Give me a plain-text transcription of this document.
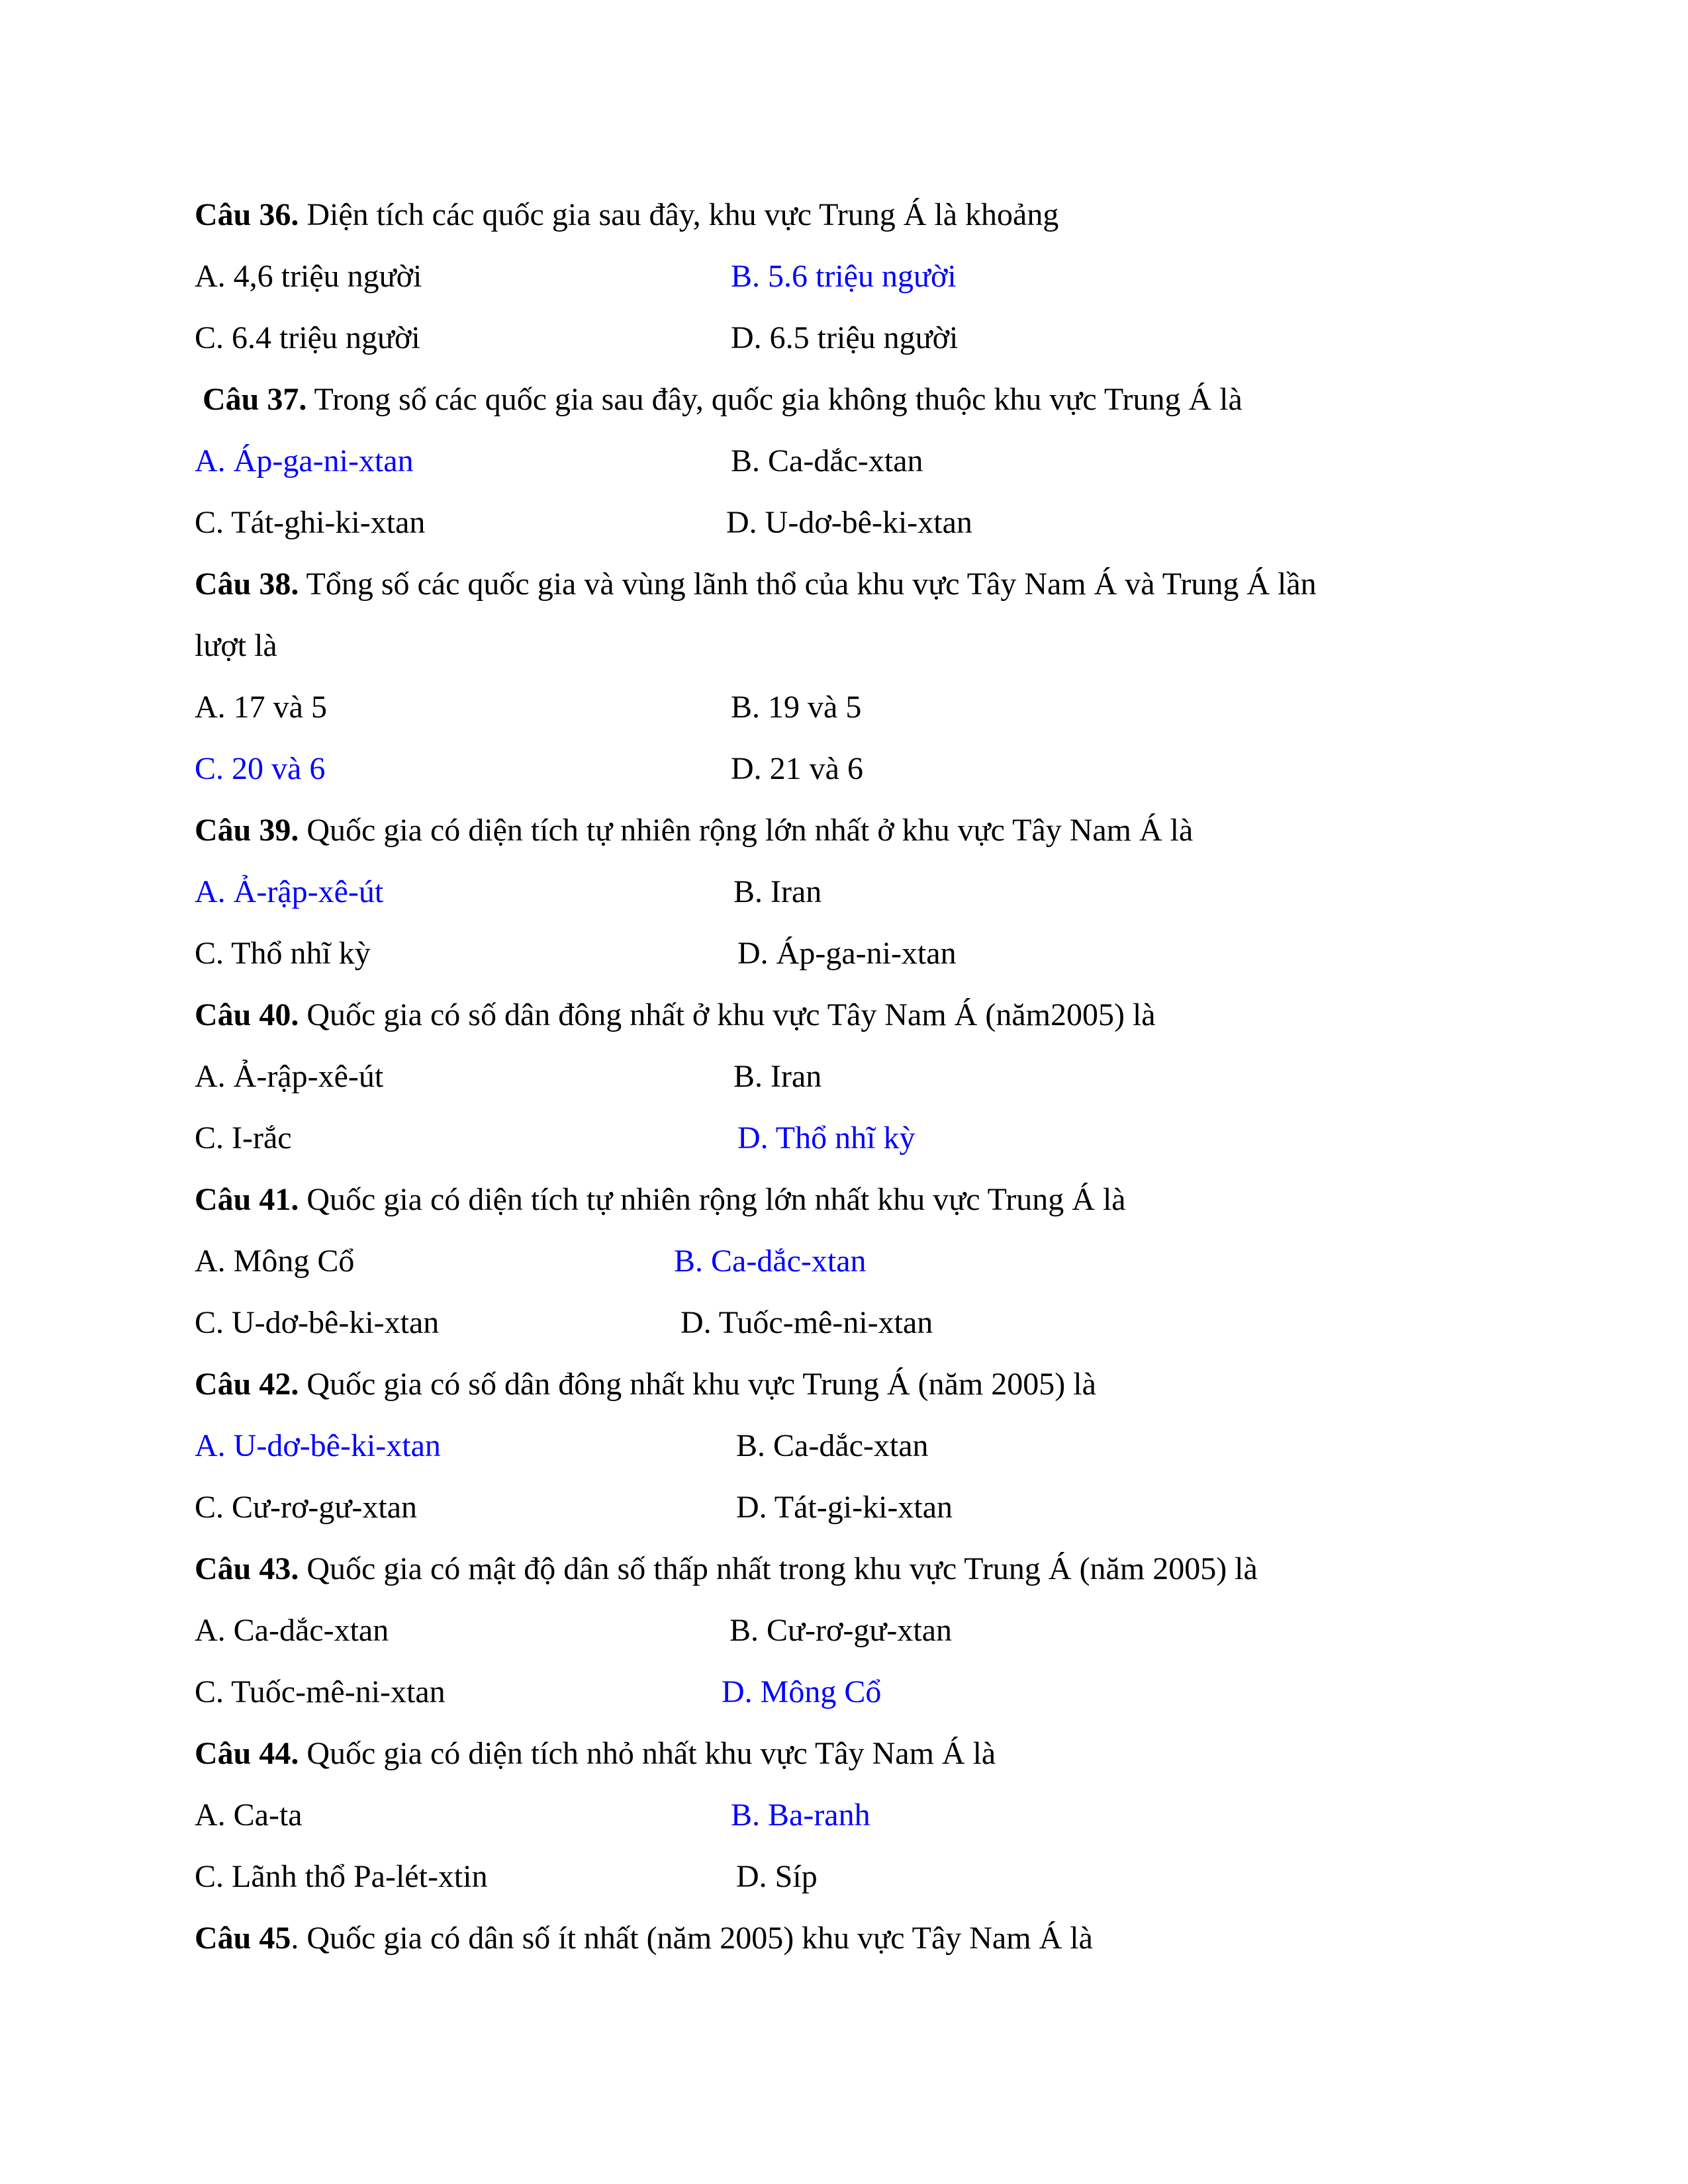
Câu 36. Diện tích các quốc gia sau đây, khu vực Trung Á là khoảng
A. 4,6 triệu người	B. 5.6 triệu người
C. 6.4 triệu người	D. 6.5 triệu người
Câu 37. Trong số các quốc gia sau đây, quốc gia không thuộc khu vực Trung Á là
A. Áp-ga-ni-xtan	B. Ca-dắc-xtan
C. Tát-ghi-ki-xtan	D. U-dơ-bê-ki-xtan
Câu 38. Tổng số các quốc gia và vùng lãnh thổ của khu vực Tây Nam Á và Trung Á lần
lượt là
A. 17 và 5	B. 19 và 5
C. 20 và 6	D. 21 và 6
Câu 39. Quốc gia có diện tích tự nhiên rộng lớn nhất ở khu vực Tây Nam Á là
A. Ả-rập-xê-út	B. Iran
C. Thổ nhĩ kỳ	D. Áp-ga-ni-xtan
Câu 40. Quốc gia có số dân đông nhất ở khu vực Tây Nam Á (năm2005) là
A. Ả-rập-xê-út	B. Iran
C. I-rắc	D. Thổ nhĩ kỳ
Câu 41. Quốc gia có diện tích tự nhiên rộng lớn nhất khu vực Trung Á là
A. Mông Cổ	B. Ca-dắc-xtan
C. U-dơ-bê-ki-xtan	D. Tuốc-mê-ni-xtan
Câu 42. Quốc gia có số dân đông nhất khu vực Trung Á (năm 2005) là
A. U-dơ-bê-ki-xtan	B. Ca-dắc-xtan
C. Cư-rơ-gư-xtan	D. Tát-gi-ki-xtan
Câu 43. Quốc gia có mật độ dân số thấp nhất trong khu vực Trung Á (năm 2005) là
A. Ca-dắc-xtan	B. Cư-rơ-gư-xtan
C. Tuốc-mê-ni-xtan	D. Mông Cổ
Câu 44. Quốc gia có diện tích nhỏ nhất khu vực Tây Nam Á là
A. Ca-ta	B. Ba-ranh
C. Lãnh thổ Pa-lét-xtin	D. Síp
Câu 45. Quốc gia có dân số ít nhất (năm 2005) khu vực Tây Nam Á là
